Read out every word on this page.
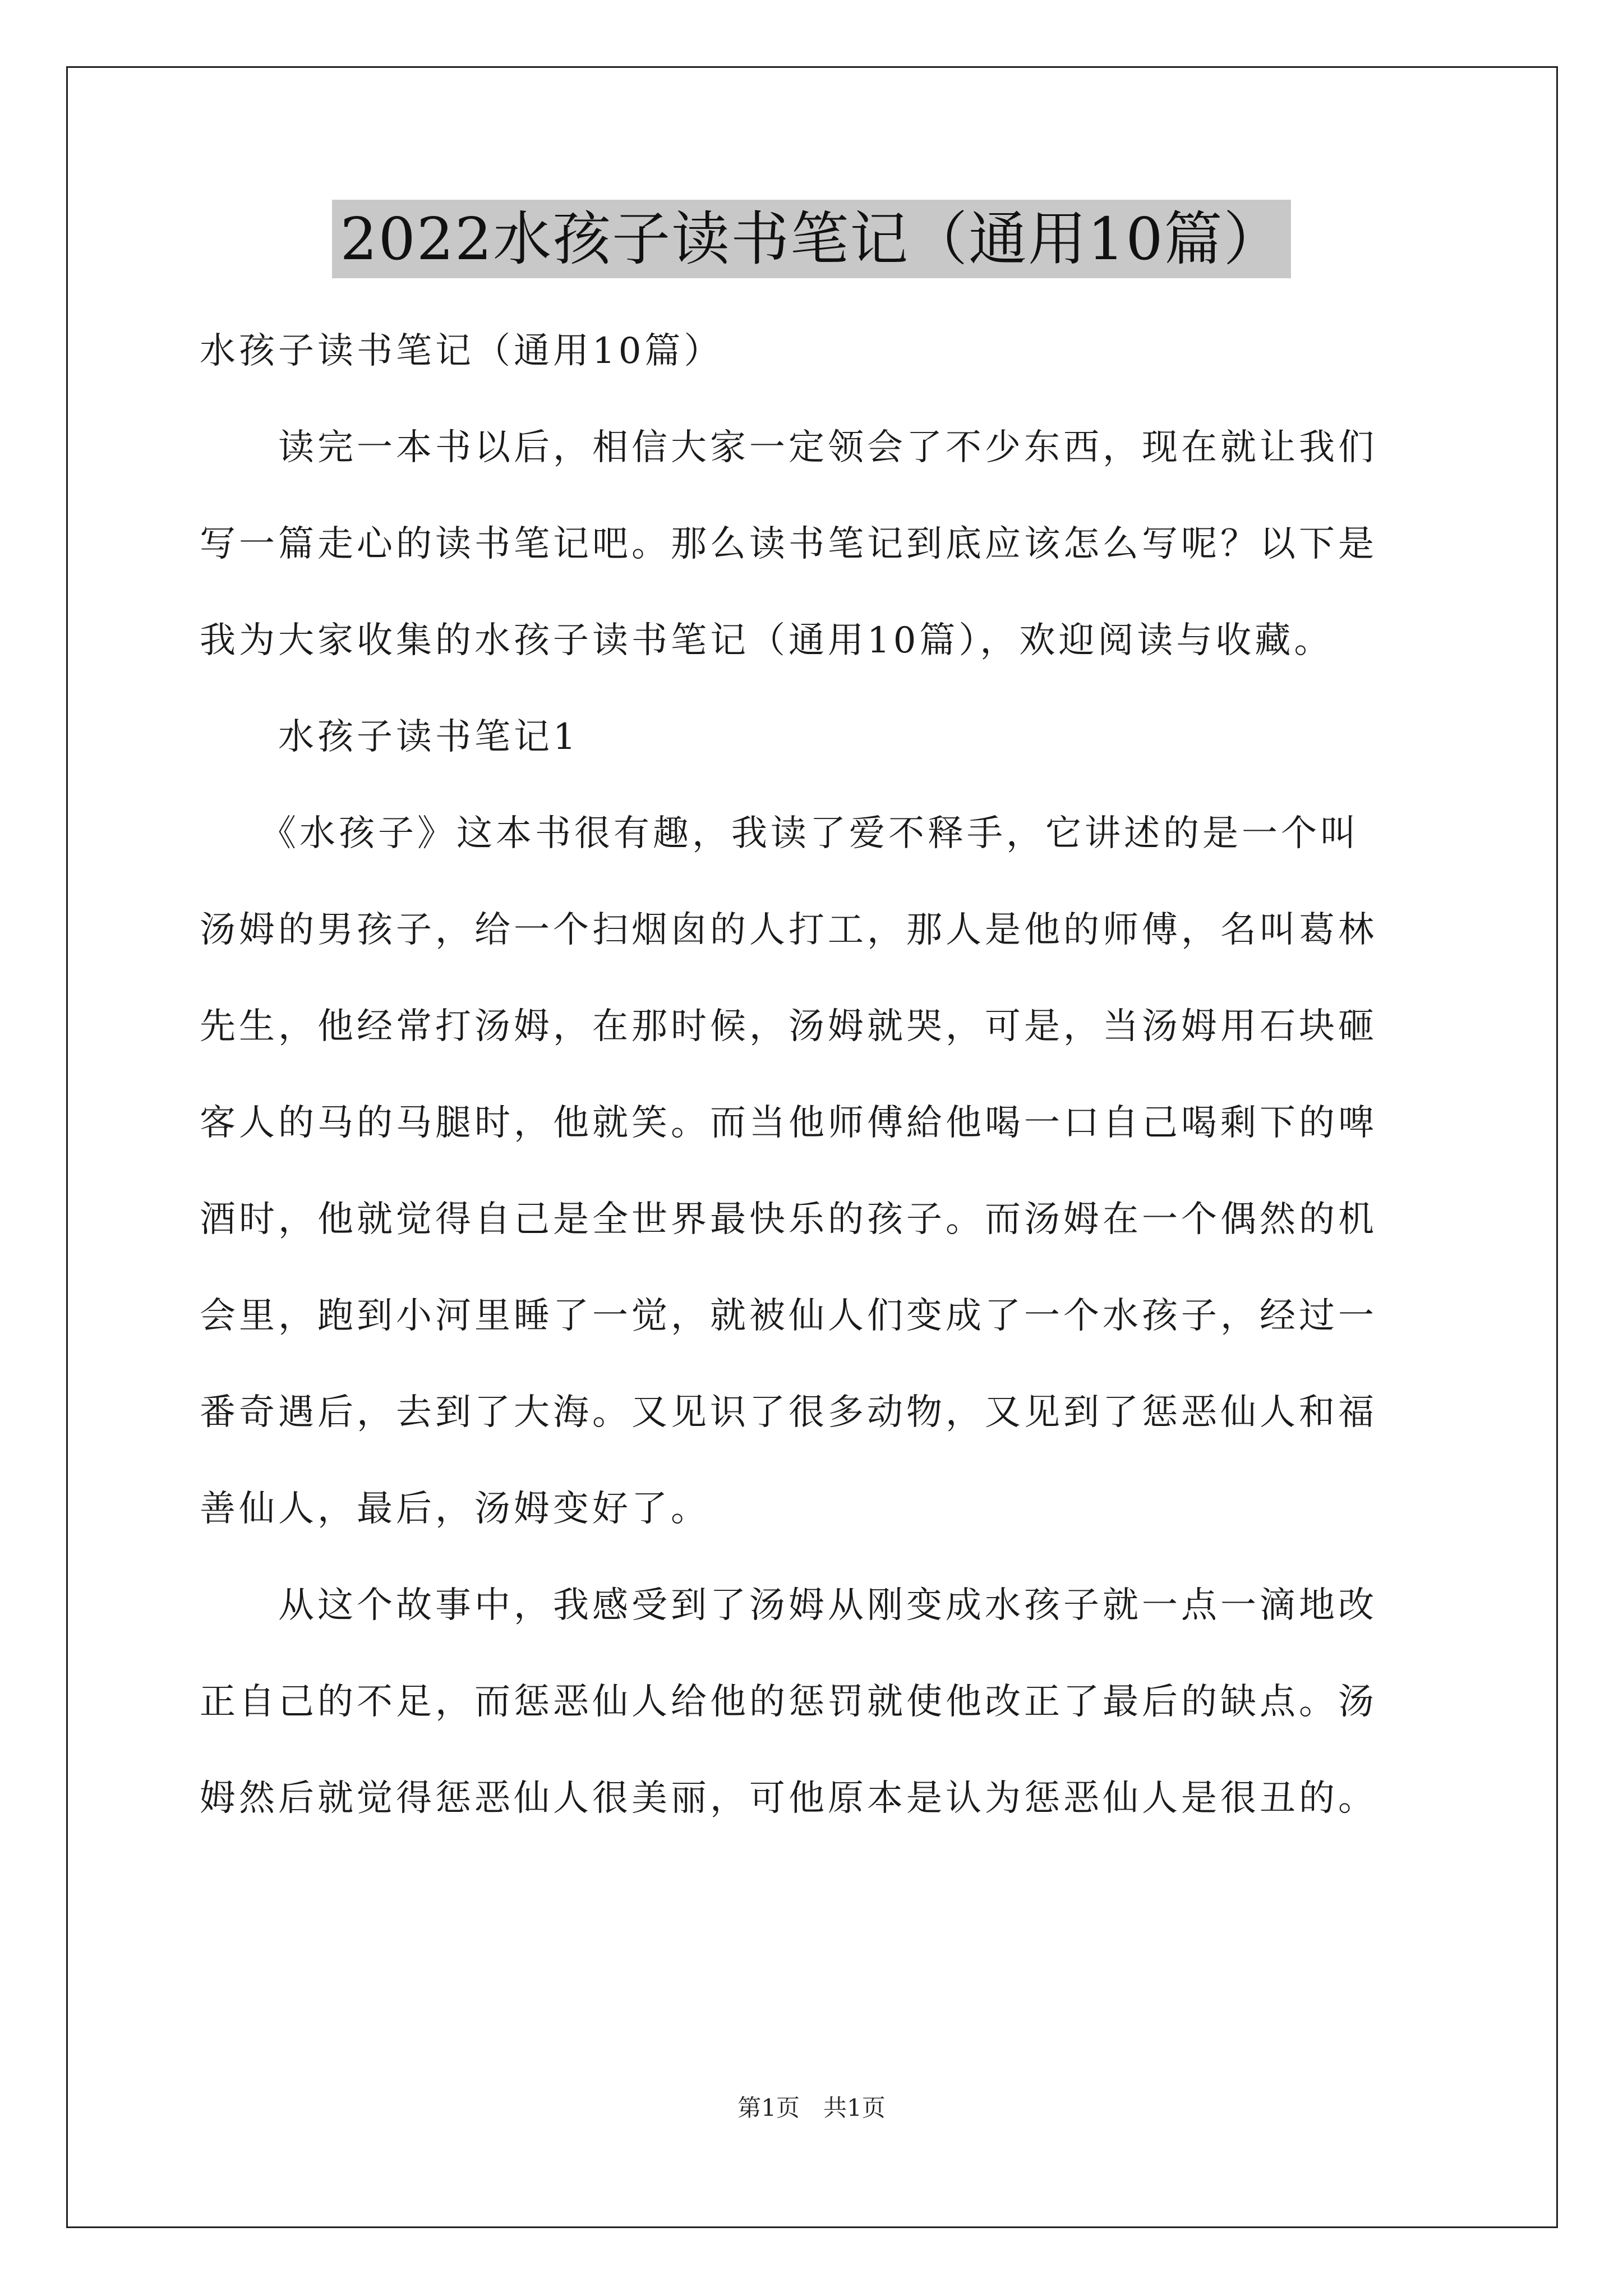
2022水孩子读书笔记（通用10篇）
水孩子读书笔记（通用10篇）
　　读完一本书以后，相信大家一定领会了不少东西，现在就让我们
写一篇走心的读书笔记吧。那么读书笔记到底应该怎么写呢？以下是
我为大家收集的水孩子读书笔记（通用10篇），欢迎阅读与收藏。
　　水孩子读书笔记1
　　《水孩子》这本书很有趣，我读了爱不释手，它讲述的是一个叫
汤姆的男孩子，给一个扫烟囱的人打工，那人是他的师傅，名叫葛林
先生，他经常打汤姆，在那时候，汤姆就哭，可是，当汤姆用石块砸
客人的马的马腿时，他就笑。而当他师傅給他喝一口自己喝剩下的啤
酒时，他就觉得自己是全世界最快乐的孩子。而汤姆在一个偶然的机
会里，跑到小河里睡了一觉，就被仙人们变成了一个水孩子，经过一
番奇遇后，去到了大海。又见识了很多动物，又见到了惩恶仙人和福
善仙人，最后，汤姆变好了。
　　从这个故事中，我感受到了汤姆从刚变成水孩子就一点一滴地改
正自己的不足，而惩恶仙人给他的惩罚就使他改正了最后的缺点。汤
姆然后就觉得惩恶仙人很美丽，可他原本是认为惩恶仙人是很丑的。
第1页　共1页
